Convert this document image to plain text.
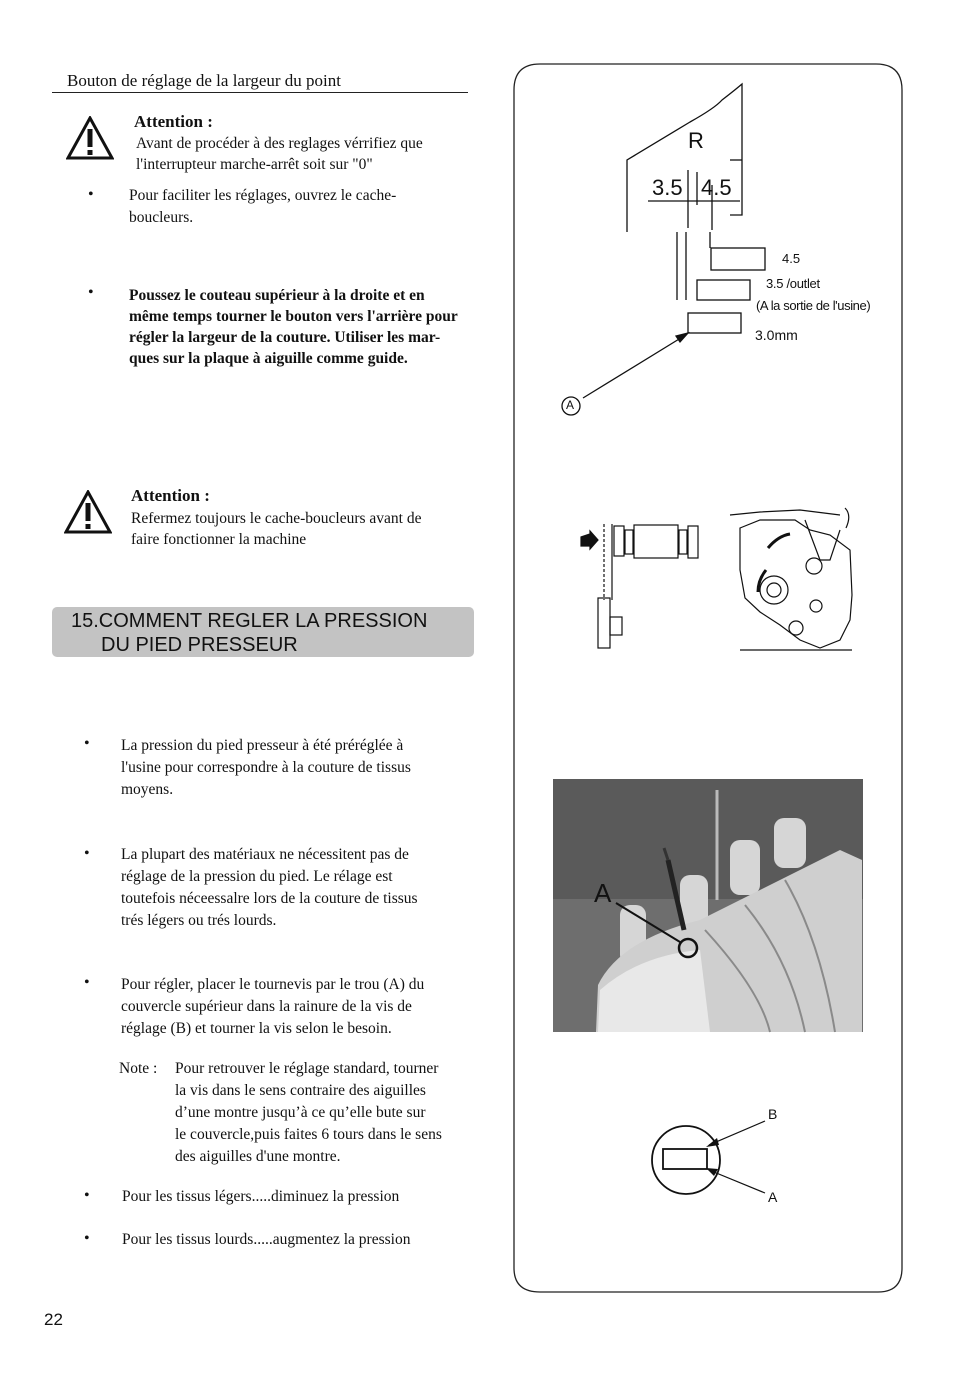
Bouton de réglage de la largeur du point
Attention :
Avant de procéder à des reglages vérrifiez que
l'interrupteur marche-arrêt soit sur "0"
• Pour faciliter les réglages, ouvrez le cache-
boucleurs.
• Poussez le couteau supérieur à la droite et en
même temps tourner le bouton vers l'arrière pour
régler la largeur de la couture. Utiliser les mar-
ques sur la plaque à aiguille comme guide.
Attention :
Refermez toujours le cache-boucleurs avant de
faire fonctionner la machine
15.COMMENT REGLER LA PRESSION
DU PIED PRESSEUR
• La pression du pied presseur à été préréglée à
l'usine pour correspondre à la couture de tissus
moyens.
• La plupart des matériaux ne nécessitent pas de
réglage de la pression du pied. Le rélage est
toutefois néceessalre lors de la couture de tissus
trés légers ou trés lourds.
• Pour régler, placer le tournevis par le trou (A) du
couvercle supérieur dans la rainure de la vis de
réglage (B) et tourner la vis selon le besoin.
Note : Pour retrouver le réglage standard, tourner
la vis dans le sens contraire des aiguilles
d’une montre jusqu’à ce qu’elle bute sur
le couvercle,puis faites 6 tours dans le sens
des aiguilles d'une montre.
• Pour les tissus légers.....diminuez la pression
• Pour les tissus lourds.....augmentez la pression
22
R
3.5 4.5
4.5
3.5 /outlet
(A la sortie de l'usine)
3.0mm
A
A
B
A
